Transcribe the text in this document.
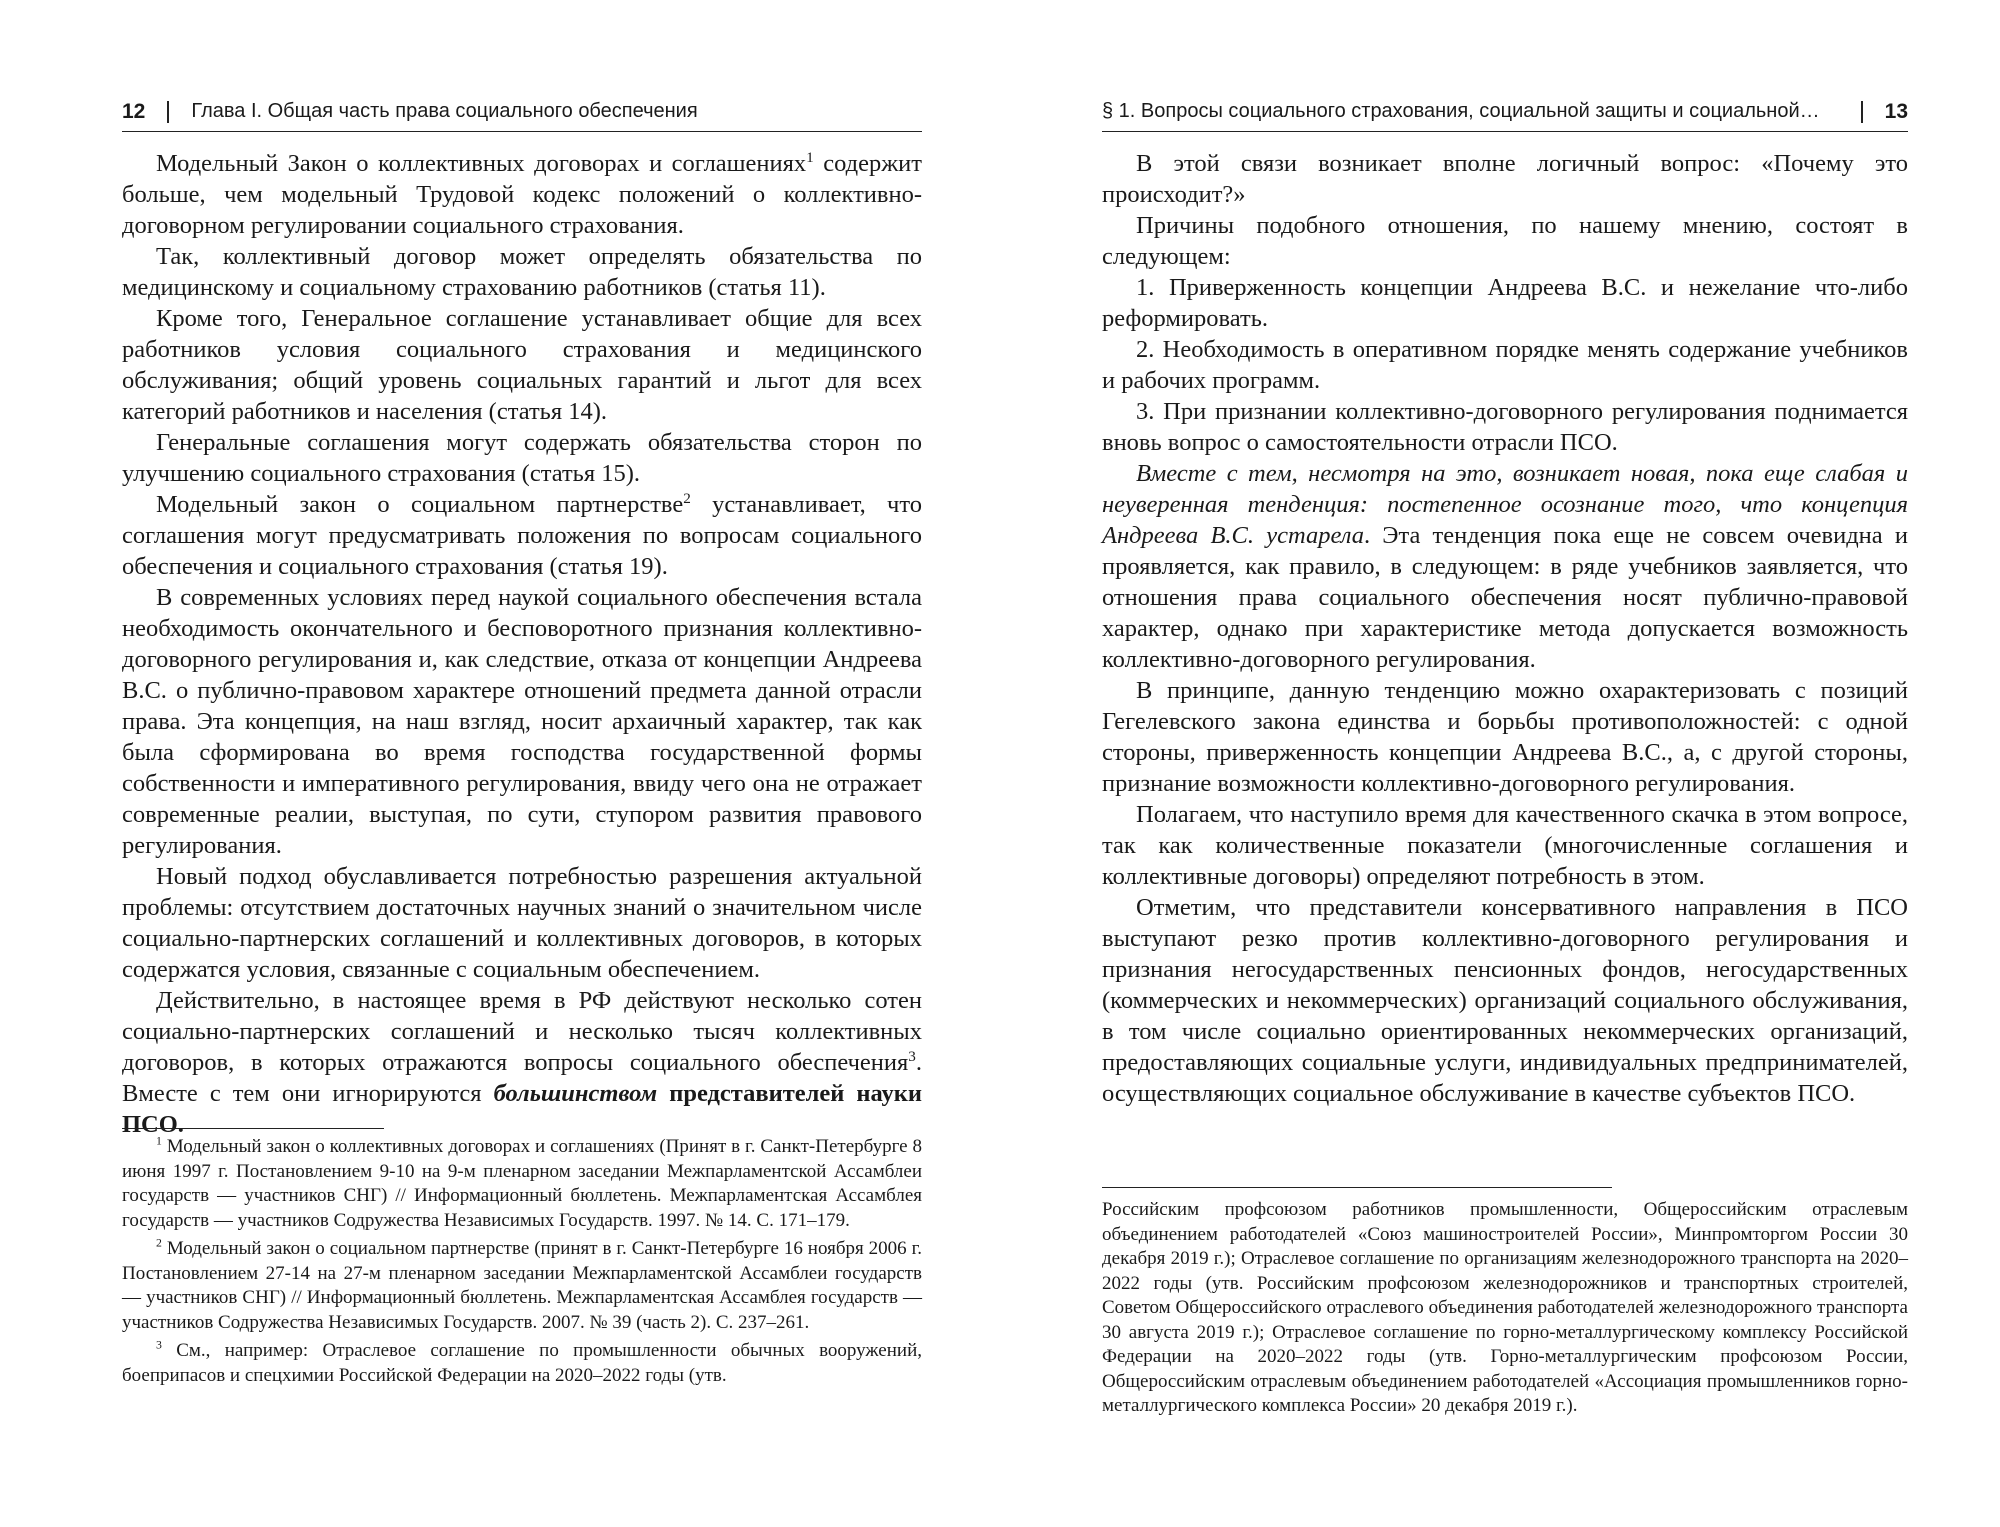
12 Глава I. Общая часть права социального обеспечения

Модельный Закон о коллективных договорах и соглашениях$^1$ содержит больше, чем модельный Трудовой кодекс положений о коллективно-договорном регулировании социального страхования.

Так, коллективный договор может определять обязательства по медицинскому и социальному страхованию работников (статья 11).

Кроме того, Генеральное соглашение устанавливает общие для всех работников условия социального страхования и медицинского обслуживания; общий уровень социальных гарантий и льгот для всех категорий работников и населения (статья 14).

Генеральные соглашения могут содержать обязательства сторон по улучшению социального страхования (статья 15).

Модельный закон о социальном партнерстве$^2$ устанавливает, что соглашения могут предусматривать положения по вопросам социального обеспечения и социального страхования (статья 19).

В современных условиях перед наукой социального обеспечения встала необходимость окончательного и бесповоротного признания коллективно-договорного регулирования и, как следствие, отказа от концепции Андреева В.С. о публично-правовом характере отношений предмета данной отрасли права. Эта концепция, на наш взгляд, носит архаичный характер, так как была сформирована во время господства государственной формы собственности и императивного регулирования, ввиду чего она не отражает современные реалии, выступая, по сути, ступором развития правового регулирования.

Новый подход обуславливается потребностью разрешения актуальной проблемы: отсутствием достаточных научных знаний о значительном числе социально-партнерских соглашений и коллективных договоров, в которых содержатся условия, связанные с социальным обеспечением.

Действительно, в настоящее время в РФ действуют несколько сотен социально-партнерских соглашений и несколько тысяч коллективных договоров, в которых отражаются вопросы социального обеспечения$^3$. Вместе с тем они игнорируются большинством представителей науки ПСО.

$^1$ Модельный закон о коллективных договорах и соглашениях (Принят в г. Санкт-Петербурге 8 июня 1997 г. Постановлением 9-10 на 9-м пленарном заседании Межпарламентской Ассамблеи государств — участников СНГ) // Информационный бюллетень. Межпарламентская Ассамблея государств — участников Содружества Независимых Государств. 1997. № 14. С. 171–179.

$^2$ Модельный закон о социальном партнерстве (принят в г. Санкт-Петербурге 16 ноября 2006 г. Постановлением 27-14 на 27-м пленарном заседании Межпарламентской Ассамблеи государств — участников СНГ) // Информационный бюллетень. Межпарламентская Ассамблея государств — участников Содружества Независимых Государств. 2007. № 39 (часть 2). С. 237–261.

$^3$ См., например: Отраслевое соглашение по промышленности обычных вооружений, боеприпасов и спецхимии Российской Федерации на 2020–2022 годы (утв.

§ 1. Вопросы социального страхования, социальной защиты и социальной…	13

В этой связи возникает вполне логичный вопрос: «Почему это происходит?»

Причины подобного отношения, по нашему мнению, состоят в следующем:

1. Приверженность концепции Андреева В.С. и нежелание что-либо реформировать.

2. Необходимость в оперативном порядке менять содержание учебников и рабочих программ.

3. При признании коллективно-договорного регулирования поднимается вновь вопрос о самостоятельности отрасли ПСО.

Вместе с тем, несмотря на это, возникает новая, пока еще слабая и неуверенная тенденция: постепенное осознание того, что концепция Андреева В.С. устарела. Эта тенденция пока еще не совсем очевидна и проявляется, как правило, в следующем: в ряде учебников заявляется, что отношения права социального обеспечения носят публично-правовой характер, однако при характеристике метода допускается возможность коллективно-договорного регулирования.

В принципе, данную тенденцию можно охарактеризовать с позиций Гегелевского закона единства и борьбы противоположностей: с одной стороны, приверженность концепции Андреева В.С., а, с другой стороны, признание возможности коллективно-договорного регулирования.

Полагаем, что наступило время для качественного скачка в этом вопросе, так как количественные показатели (многочисленные соглашения и коллективные договоры) определяют потребность в этом.

Отметим, что представители консервативного направления в ПСО выступают резко против коллективно-договорного регулирования и признания негосударственных пенсионных фондов, негосударственных (коммерческих и некоммерческих) организаций социального обслуживания, в том числе социально ориентированных некоммерческих организаций, предоставляющих социальные услуги, индивидуальных предпринимателей, осуществляющих социальное обслуживание в качестве субъектов ПСО.

Российским профсоюзом работников промышленности, Общероссийским отраслевым объединением работодателей «Союз машиностроителей России», Минпромторгом России 30 декабря 2019 г.); Отраслевое соглашение по организациям железнодорожного транспорта на 2020–2022 годы (утв. Российским профсоюзом железнодорожников и транспортных строителей, Советом Общероссийского отраслевого объединения работодателей железнодорожного транспорта 30 августа 2019 г.); Отраслевое соглашение по горно-металлургическому комплексу Российской Федерации на 2020–2022 годы (утв. Горно-металлургическим профсоюзом России, Общероссийским отраслевым объединением работодателей «Ассоциация промышленников горно-металлургического комплекса России» 20 декабря 2019 г.).
